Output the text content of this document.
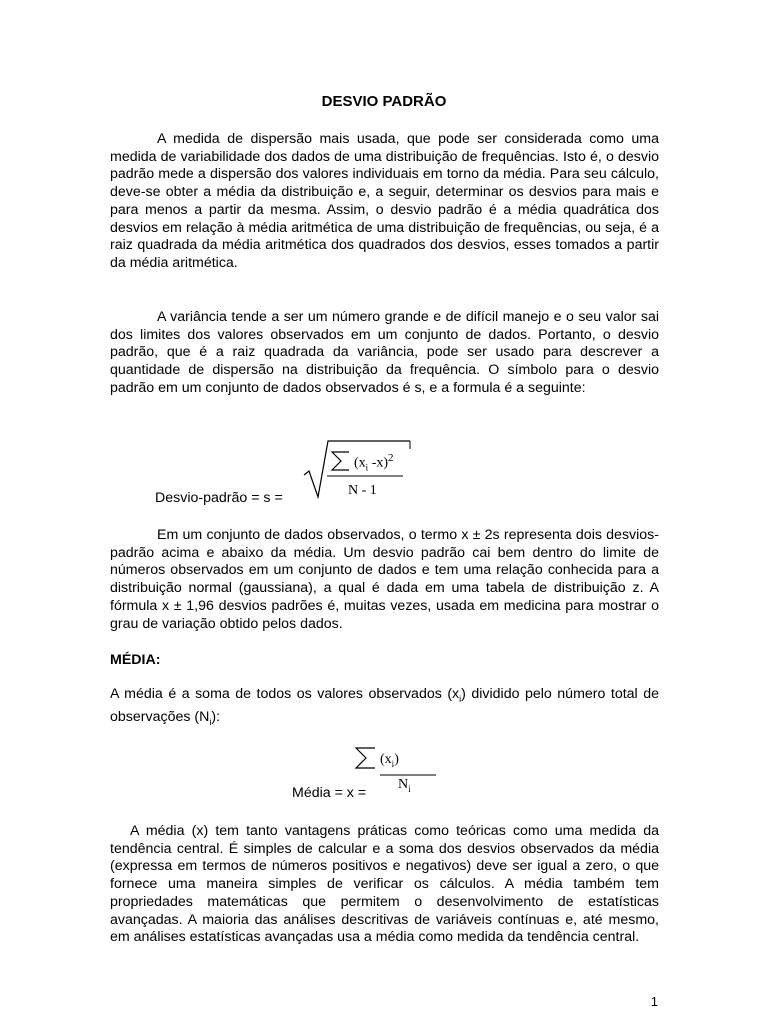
DESVIO PADRÃO

A medida de dispersão mais usada, que pode ser considerada como uma medida de variabilidade dos dados de uma distribuição de frequências. Isto é, o desvio padrão mede a dispersão dos valores individuais em torno da média. Para seu cálculo, deve-se obter a média da distribuição e, a seguir, determinar os desvios para mais e para menos a partir da mesma. Assim, o desvio padrão é a média quadrática dos desvios em relação à média aritmética de uma distribuição de frequências, ou seja, é a raiz quadrada da média aritmética dos quadrados dos desvios, esses tomados a partir da média aritmética.

A variância tende a ser um número grande e de difícil manejo e o seu valor sai dos limites dos valores observados em um conjunto de dados. Portanto, o desvio padrão, que é a raiz quadrada da variância, pode ser usado para descrever a quantidade de dispersão na distribuição da frequência. O símbolo para o desvio padrão em um conjunto de dados observados é s, e a formula é a seguinte:

Desvio-padrão = s =
($x_i$ -x)$^2$
N - 1

Em um conjunto de dados observados, o termo x ± 2s representa dois desvios-padrão acima e abaixo da média. Um desvio padrão cai bem dentro do limite de números observados em um conjunto de dados e tem uma relação conhecida para a distribuição normal (gaussiana), a qual é dada em uma tabela de distribuição z. A fórmula x ± 1,96 desvios padrões é, muitas vezes, usada em medicina para mostrar o grau de variação obtido pelos dados.

MÉDIA:

A média é a soma de todos os valores observados $(x_i)$ dividido pelo número total de observações $(N_i)$:

Média = x =
$(x_i)$
$N_i$

A média (x) tem tanto vantagens práticas como teóricas como uma medida da tendência central. É simples de calcular e a soma dos desvios observados da média (expressa em termos de números positivos e negativos) deve ser igual a zero, o que fornece uma maneira simples de verificar os cálculos. A média também tem propriedades matemáticas que permitem o desenvolvimento de estatísticas avançadas. A maioria das análises descritivas de variáveis contínuas e, até mesmo, em análises estatísticas avançadas usa a média como medida da tendência central.

1
